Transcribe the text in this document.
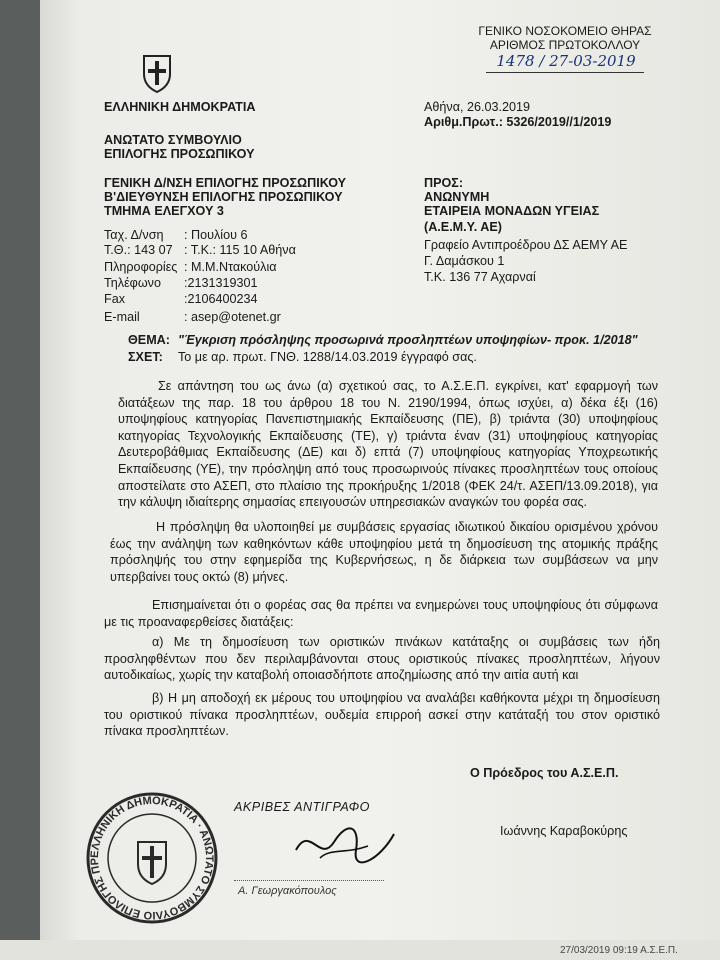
ΕΛΛΗΝΙΚΗ ΔΗΜΟΚΡΑΤΙΑ
ΑΝΩΤΑΤΟ ΣΥΜΒΟΥΛΙΟ
ΕΠΙΛΟΓΗΣ ΠΡΟΣΩΠΙΚΟΥ
ΓΕΝΙΚΗ Δ/ΝΣΗ ΕΠΙΛΟΓΗΣ ΠΡΟΣΩΠΙΚΟΥ
Β'ΔΙΕΥΘΥΝΣΗ ΕΠΙΛΟΓΗΣ ΠΡΟΣΩΠΙΚΟΥ
ΤΜΗΜΑ ΕΛΕΓΧΟΥ 3
Ταχ. Δ/νση : Πουλίου 6
Τ.Θ.: 143 07 : Τ.Κ.: 115 10 Αθήνα
Πληροφορίες : Μ.Μ.Ντακούλια
Τηλέφωνο :2131319301
Fax	:2106400234
E-mail	: asep@otenet.gr
ΓΕΝΙΚΟ ΝΟΣΟΚΟΜΕΙΟ ΘΗΡΑΣ
ΑΡΙΘΜΟΣ ΠΡΩΤΟΚΟΛΛΟΥ
1478 / 27-03-2019
Αθήνα, 26.03.2019
Αριθμ.Πρωτ.: 5326/2019//1/2019
ΠΡΟΣ:
ΑΝΩΝΥΜΗ
ΕΤΑΙΡΕΙΑ ΜΟΝΑΔΩΝ ΥΓΕΙΑΣ
(Α.Ε.Μ.Υ. ΑΕ)
Γραφείο Αντιπροέδρου ΔΣ ΑΕΜΥ ΑΕ
Γ. Δαμάσκου 1
Τ.Κ. 136 77 Αχαρναί
ΘΕΜΑ: "Έγκριση πρόσληψης προσωρινά προσληπτέων υποψηφίων- προκ. 1/2018"
ΣΧΕΤ: Το με αρ. πρωτ. ΓΝΘ. 1288/14.03.2019 έγγραφό σας.

Σε απάντηση του ως άνω (α) σχετικού σας, το Α.Σ.Ε.Π. εγκρίνει, κατ' εφαρμογή των διατάξεων της παρ. 18 του άρθρου 18 του Ν. 2190/1994, όπως ισχύει, α) δέκα έξι (16) υποψηφίους κατηγορίας Πανεπιστημιακής Εκπαίδευσης (ΠΕ), β) τριάντα (30) υποψηφίους κατηγορίας Τεχνολογικής Εκπαίδευσης (ΤΕ), γ) τριάντα έναν (31) υποψηφίους κατηγορίας Δευτεροβάθμιας Εκπαίδευσης (ΔΕ) και δ) επτά (7) υποψηφίους κατηγορίας Υποχρεωτικής Εκπαίδευσης (ΥΕ), την πρόσληψη από τους προσωρινούς πίνακες προσληπτέων τους οποίους αποστείλατε στο ΑΣΕΠ, στο πλαίσιο της προκήρυξης 1/2018 (ΦΕΚ 24/τ. ΑΣΕΠ/13.09.2018), για την κάλυψη ιδιαίτερης σημασίας επειγουσών υπηρεσιακών αναγκών του φορέα σας.

Η πρόσληψη θα υλοποιηθεί με συμβάσεις εργασίας ιδιωτικού δικαίου ορισμένου χρόνου έως την ανάληψη των καθηκόντων κάθε υποψηφίου μετά τη δημοσίευση της ατομικής πράξης πρόσληψής του στην εφημερίδα της Κυβερνήσεως, η δε διάρκεια των συμβάσεων να μην υπερβαίνει τους οκτώ (8) μήνες.

Επισημαίνεται ότι ο φορέας σας θα πρέπει να ενημερώνει τους υποψηφίους ότι σύμφωνα με τις προαναφερθείσες διατάξεις:

α) Με τη δημοσίευση των οριστικών πινάκων κατάταξης οι συμβάσεις των ήδη προσληφθέντων που δεν περιλαμβάνονται στους οριστικούς πίνακες προσληπτέων, λήγουν αυτοδικαίως, χωρίς την καταβολή οποιασδήποτε αποζημίωσης από την αιτία αυτή και

β) Η μη αποδοχή εκ μέρους του υποψηφίου να αναλάβει καθήκοντα μέχρι τη δημοσίευση του οριστικού πίνακα προσληπτέων, ουδεμία επιρροή ασκεί στην κατάταξή του στον οριστικό πίνακα προσληπτέων.

Ο Πρόεδρος του Α.Σ.Ε.Π.
Ιωάννης Καραβοκύρης
ΑΚΡΙΒΕΣ ΑΝΤΙΓΡΑΦΟ
Α. Γεωργακόπουλος
ΕΛΛΗΝΙΚΗ ΔΗΜΟΚΡΑΤΙΑ · ΑΝΩΤΑΤΟ ΣΥΜΒΟΥΛΙΟ ΕΠΙΛΟΓΗΣ ΠΡ
27/03/2019 09:19 Α.Σ.Ε.Π.
